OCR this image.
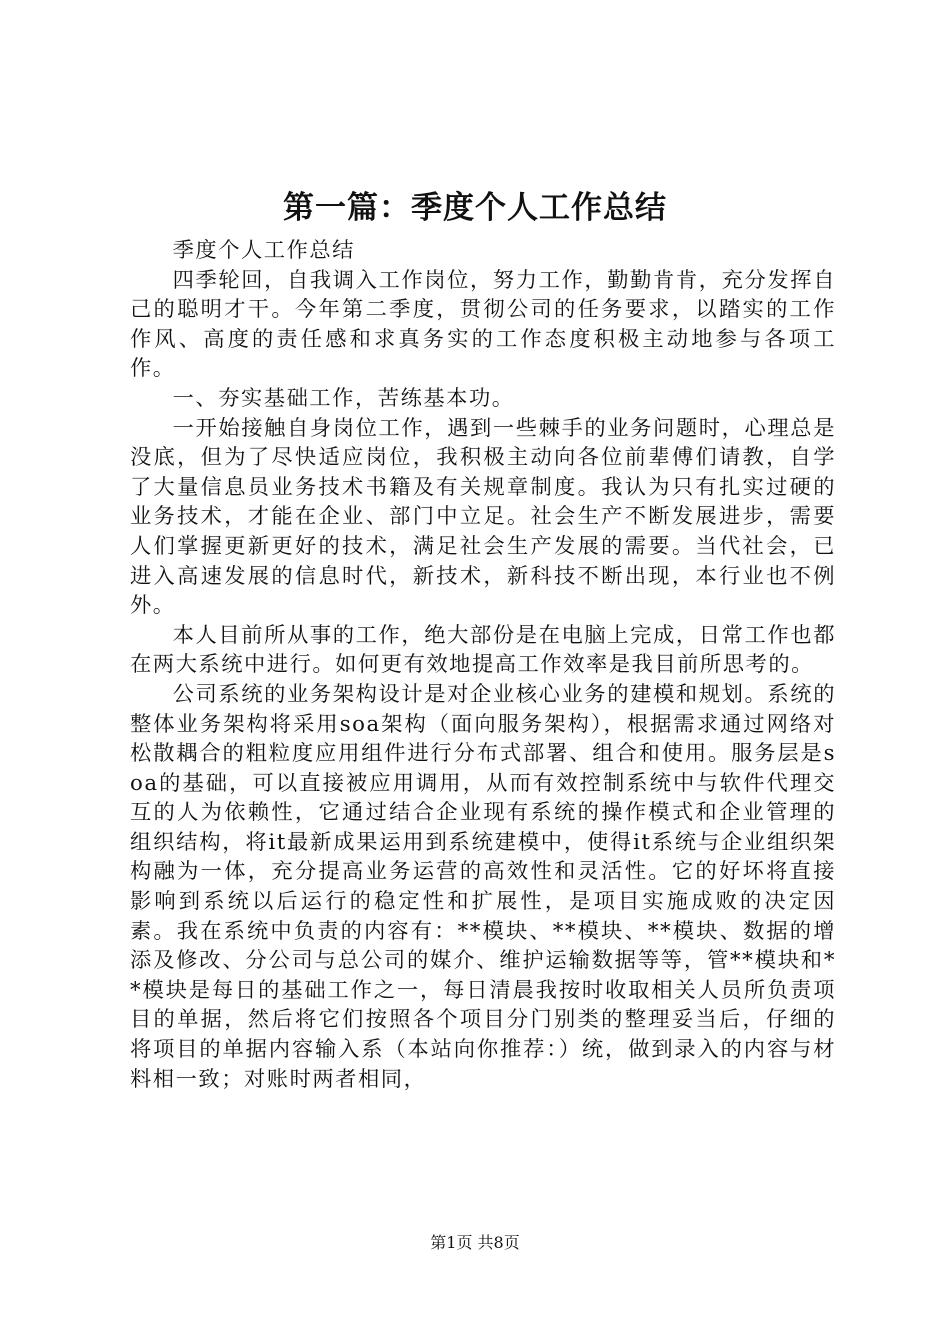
第一篇：季度个人工作总结

季度个人工作总结

四季轮回，自我调入工作岗位，努力工作，勤勤肯肯，充分发挥自己的聪明才干。今年第二季度，贯彻公司的任务要求，以踏实的工作作风、高度的责任感和求真务实的工作态度积极主动地参与各项工作。

一、夯实基础工作，苦练基本功。

一开始接触自身岗位工作，遇到一些棘手的业务问题时，心理总是没底，但为了尽快适应岗位，我积极主动向各位前辈傅们请教，自学了大量信息员业务技术书籍及有关规章制度。我认为只有扎实过硬的业务技术，才能在企业、部门中立足。社会生产不断发展进步，需要人们掌握更新更好的技术，满足社会生产发展的需要。当代社会，已进入高速发展的信息时代，新技术，新科技不断出现，本行业也不例外。

本人目前所从事的工作，绝大部份是在电脑上完成，日常工作也都在两大系统中进行。如何更有效地提高工作效率是我目前所思考的。

公司系统的业务架构设计是对企业核心业务的建模和规划。系统的整体业务架构将采用soa架构（面向服务架构），根据需求通过网络对松散耦合的粗粒度应用组件进行分布式部署、组合和使用。服务层是soa的基础，可以直接被应用调用，从而有效控制系统中与软件代理交互的人为依赖性，它通过结合企业现有系统的操作模式和企业管理的组织结构，将it最新成果运用到系统建模中，使得it系统与企业组织架构融为一体，充分提高业务运营的高效性和灵活性。它的好坏将直接影响到系统以后运行的稳定性和扩展性，是项目实施成败的决定因素。我在系统中负责的内容有：**模块、**模块、**模块、数据的增添及修改、分公司与总公司的媒介、维护运输数据等等，管**模块和**模块是每日的基础工作之一，每日清晨我按时收取相关人员所负责项目的单据，然后将它们按照各个项目分门别类的整理妥当后，仔细的将项目的单据内容输入系（本站向你推荐：）统，做到录入的内容与材料相一致；对账时两者相同，

第1页 共8页
